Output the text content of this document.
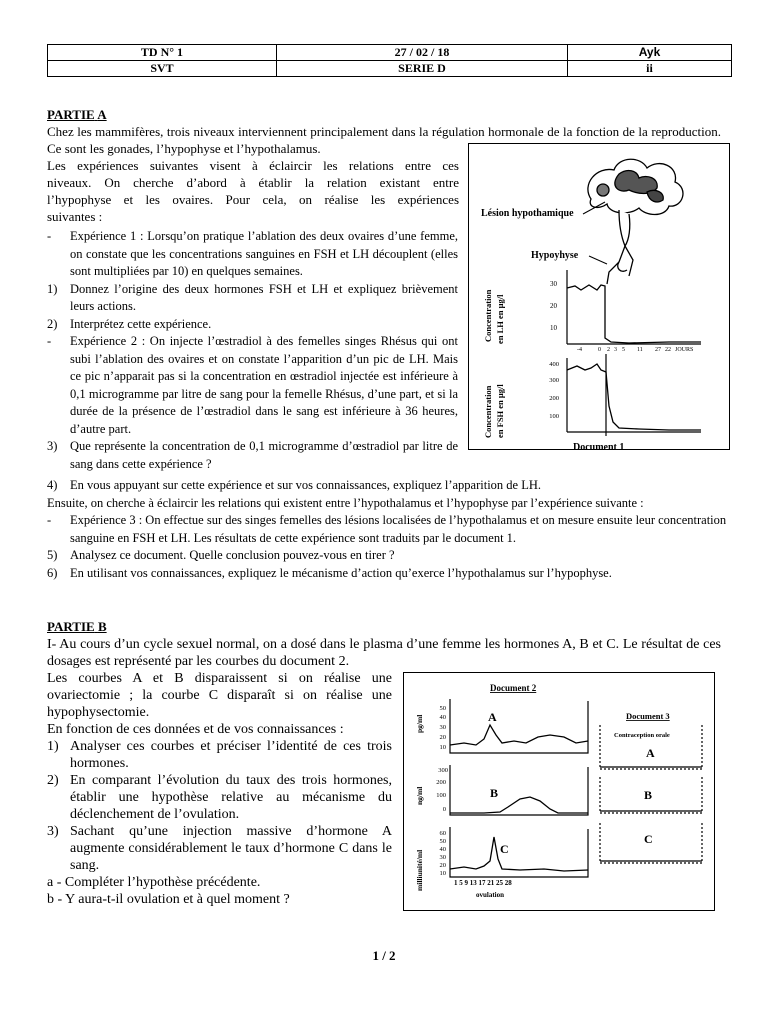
TD N° 1	27 / 02 / 18	Ayk
SVT	SERIE D	ii
PARTIE A
Chez les mammifères, trois niveaux interviennent principalement dans la régulation hormonale de la fonction de la reproduction. Ce sont les gonades, l’hypophyse et l’hypothalamus.
Les expériences suivantes visent à éclaircir les relations entre ces
niveaux. On cherche d’abord à établir la relation existant entre
l’hypophyse et les ovaires. Pour cela, on réalise les expériences
suivantes :
- Expérience 1 : Lorsqu’on pratique l’ablation des deux ovaires d’une femme, on constate que les concentrations sanguines en FSH et LH découplent (elles sont multipliées par 10) en quelques semaines.
1) Donnez l’origine des deux hormones FSH et LH et expliquez brièvement leurs actions.
2) Interprétez cette expérience.
- Expérience 2 : On injecte l’œstradiol à des femelles singes Rhésus qui ont subi l’ablation des ovaires et on constate l’apparition d’un pic de LH. Mais ce pic n’apparait pas si la concentration en œstradiol injectée est inférieure à 0,1 microgramme par litre de sang pour la femelle Rhésus, d’une part, et si la durée de la présence de l’œstradiol dans le sang est inférieure à 36 heures, d’autre part.
3) Que représente la concentration de 0,1 microgramme d’œstradiol par litre de sang dans cette expérience ?
4) En vous appuyant sur cette expérience et sur vos connaissances, expliquez l’apparition de LH.
Ensuite, on cherche à éclaircir les relations qui existent entre l’hypothalamus et l’hypophyse par l’expérience suivante :
- Expérience 3 : On effectue sur des singes femelles des lésions localisées de l’hypothalamus et on mesure ensuite leur concentration sanguine en FSH et LH. Les résultats de cette expérience sont traduits par le document 1.
5) Analysez ce document. Quelle conclusion pouvez-vous en tirer ?
6) En utilisant vos connaissances, expliquez le mécanisme d’action qu’exerce l’hypothalamus sur l’hypophyse.
Lésion hypothamique
Hypoyhyse
30
20
10
Concentration en LH en µg/l
-4	0 2 3 5 11 27 22 JOURS
400
300
200
100
Concentration en FSH en µg/l
Document 1
PARTIE B
I- Au cours d’un cycle sexuel normal, on a dosé dans le plasma d’une femme les hormones A, B et C. Le résultat de ces dosages est représenté par les courbes du document 2.
Les courbes A et B disparaissent si on réalise une
ovariectomie ; la courbe C disparaît si on réalise une
hypophysectomie.
En fonction de ces données et de vos connaissances :
1) Analyser ces courbes et préciser l’identité de ces trois hormones.
2) En comparant l’évolution du taux des trois hormones, établir une hypothèse relative au mécanisme du déclenchement de l’ovulation.
3) Sachant qu’une injection massive d’hormone A augmente considérablement le taux d’hormone C dans le sang.
a - Compléter l’hypothèse précédente.
b - Y aura-t-il ovulation et à quel moment ?
Document 2
A
50
40
30
20
10
pg/ml
B
300
200
100
0
ng/ml
C
60
50
40
30
20
10
milliunité/ml	1 5 9 13 17 21 25 28
ovulation
Document 3
Contraception orale
A
B
C
1 / 2
